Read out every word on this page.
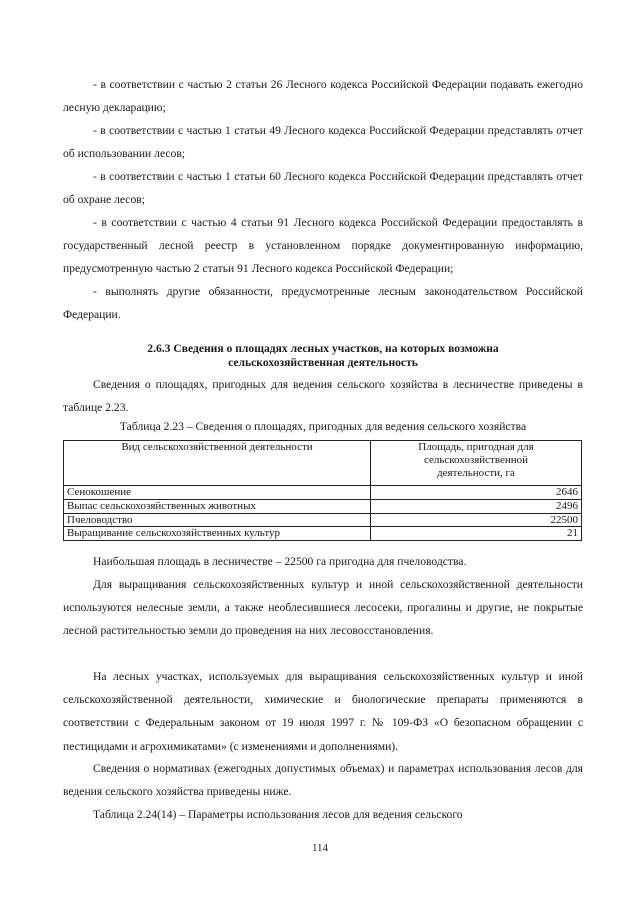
- в соответствии с частью 2 статьи 26 Лесного кодекса Российской Федерации подавать ежегодно лесную декларацию;

- в соответствии с частью 1 статьи 49 Лесного кодекса Российской Федерации представлять отчет об использовании лесов;

- в соответствии с частью 1 статьи 60 Лесного кодекса Российской Федерации представлять отчет об охране лесов;

- в соответствии с частью 4 статьи 91 Лесного кодекса Российской Федерации предоставлять в государственный лесной реестр в установленном порядке документированную информацию, предусмотренную частью 2 статьи 91 Лесного кодекса Российской Федерации;

- выполнять другие обязанности, предусмотренные лесным законодательством Российской Федерации.

2.6.3 Сведения о площадях лесных участков, на которых возможна сельскохозяйственная деятельность

Сведения о площадях, пригодных для ведения сельского хозяйства в лесничестве приведены в таблице 2.23.

Таблица 2.23 – Сведения о площадях, пригодных для ведения сельского хозяйства

Вид сельскохозяйственной деятельности	Площадь, пригодная для сельскохозяйственной деятельности, га
Сенокошение	2646
Выпас сельскохозяйственных животных	2496
Пчеловодство	22500
Выращивание сельскохозяйственных культур	21

Наибольшая площадь в лесничестве – 22500 га пригодна для пчеловодства.

Для выращивания сельскохозяйственных культур и иной сельскохозяйственной деятельности используются нелесные земли, а также необлесившиеся лесосеки, прогалины и другие, не покрытые лесной растительностью земли до проведения на них лесовосстановления.

На лесных участках, используемых для выращивания сельскохозяйственных культур и иной сельскохозяйственной деятельности, химические и биологические препараты применяются в соответствии с Федеральным законом от 19 июля 1997 г. № 109-ФЗ «О безопасном обращении с пестицидами и агрохимикатами» (с изменениями и дополнениями).

Сведения о нормативах (ежегодных допустимых объемах) и параметрах использования лесов для ведения сельского хозяйства приведены ниже.

Таблица 2.24(14) – Параметры использования лесов для ведения сельского

114
